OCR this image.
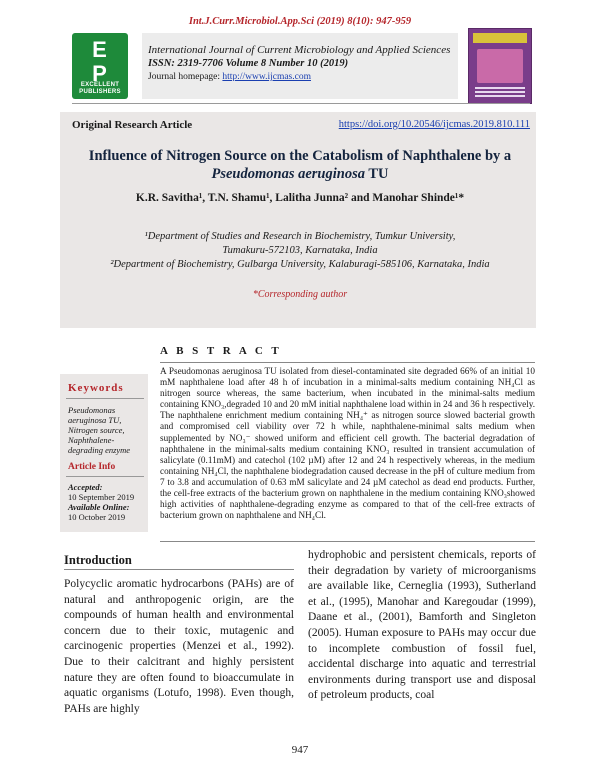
Int.J.Curr.Microbiol.App.Sci (2019) 8(10): 947-959
E
P
EXCELLENT PUBLISHERS
International Journal of Current Microbiology and Applied Sciences
ISSN: 2319-7706 Volume 8 Number 10 (2019)
Journal homepage: http://www.ijcmas.com
Original Research Article	https://doi.org/10.20546/ijcmas.2019.810.111
Influence of Nitrogen Source on the Catabolism of Naphthalene by a
Pseudomonas aeruginosa TU
K.R. Savitha¹, T.N. Shamu¹, Lalitha Junna² and Manohar Shinde¹*
¹Department of Studies and Research in Biochemistry, Tumkur University,
Tumakuru-572103, Karnataka, India
²Department of Biochemistry, Gulbarga University, Kalaburagi-585106, Karnataka, India
*Corresponding author
A B S T R A C T
Keywords
Pseudomonas aeruginosa TU,
Nitrogen source,
Naphthalene-
degrading enzyme
Article Info
Accepted:
10 September 2019
Available Online:
10 October 2019
A Pseudomonas aeruginosa TU isolated from diesel-contaminated site degraded 66% of an initial 10 mM naphthalene load after 48 h of incubation in a minimal-salts medium containing NH₄Cl as nitrogen source whereas, the same bacterium, when incubated in the minimal-salts medium containing KNO₃,degraded 10 and 20 mM initial naphthalene load within in 24 and 36 h respectively. The naphthalene enrichment medium containing NH₄⁺ as nitrogen source slowed bacterial growth and compromised cell viability over 72 h while, naphthalene-minimal salts medium when supplemented by NO₃⁻ showed uniform and efficient cell growth. The bacterial degradation of naphthalene in the minimal-salts medium containing KNO₃ resulted in transient accumulation of salicylate (0.11mM) and catechol (102 µM) after 12 and 24 h respectively whereas, in the medium containing NH₄Cl, the naphthalene biodegradation caused decrease in the pH of culture medium from 7 to 3.8 and accumulation of 0.63 mM salicylate and 24 µM catechol as dead end products. Further, the cell-free extracts of the bacterium grown on naphthalene in the medium containing KNO₃showed high activities of naphthalene-degrading enzyme as compared to that of the cell-free extracts of bacterium grown on naphthalene and NH₄Cl.
Introduction
Polycyclic aromatic hydrocarbons (PAHs) are of natural and anthropogenic origin, are the compounds of human health and environmental concern due to their toxic, mutagenic and carcinogenic properties (Menzei et al., 1992). Due to their calcitrant and highly persistent nature they are often found to bioaccumulate in aquatic organisms (Lotufo, 1998). Even though, PAHs are highly
hydrophobic and persistent chemicals, reports of their degradation by variety of microorganisms are available like, Cerneglia (1993), Sutherland et al., (1995), Manohar and Karegoudar (1999), Daane et al., (2001), Bamforth and Singleton (2005). Human exposure to PAHs may occur due to incomplete combustion of fossil fuel, accidental discharge into aquatic and terrestrial environments during transport use and disposal of petroleum products, coal
947
